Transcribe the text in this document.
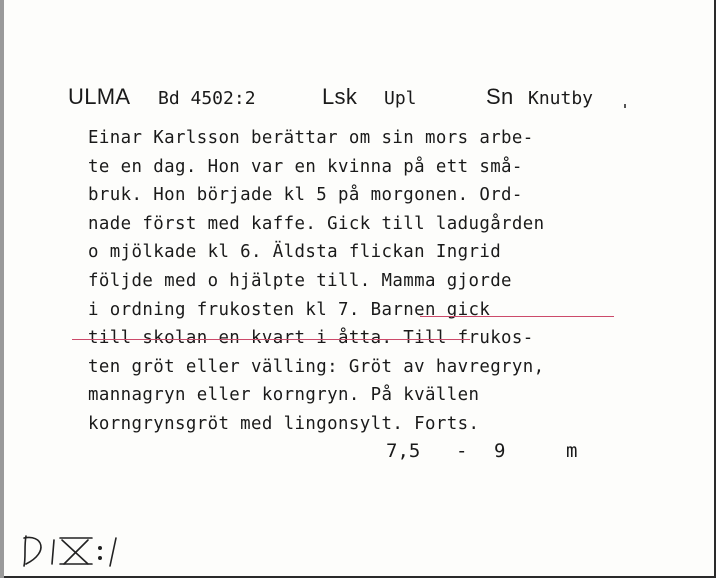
ULMA Bd 4502:2	Lsk Upl	Sn Knutby
Einar Karlsson berättar om sin mors arbe-
te en dag. Hon var en kvinna på ett små-
bruk. Hon började kl 5 på morgonen. Ord-
nade först med kaffe. Gick till ladugården
o mjölkade kl 6. Äldsta flickan Ingrid
följde med o hjälpte till. Mamma gjorde
i ordning frukosten kl 7. Barnen gick
till skolan en kvart i åtta. Till frukos-
ten gröt eller välling: Gröt av havregryn,
mannagryn eller korngryn. På kvällen
korngrynsgröt med lingonsylt. Forts.

7,5

-

9

	m
